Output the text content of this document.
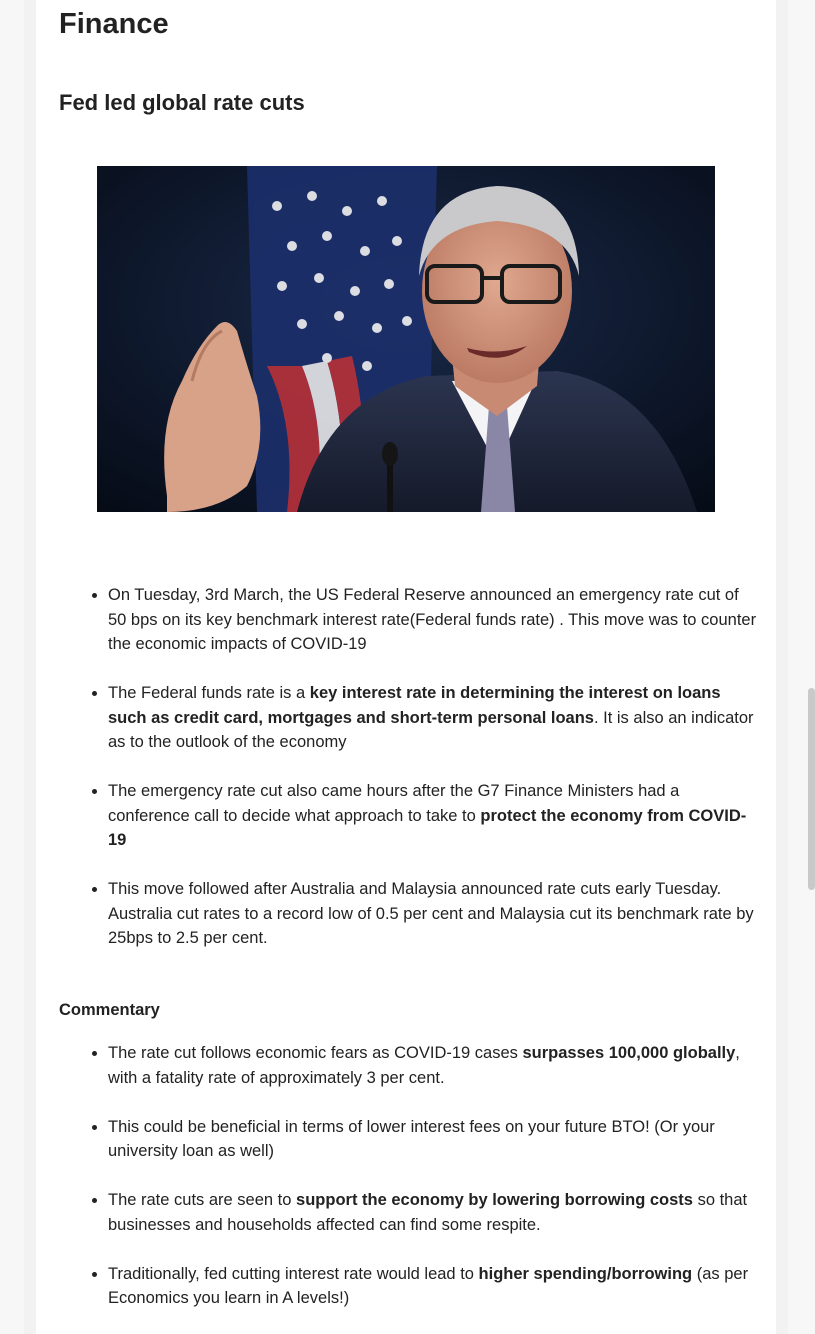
Finance
Fed led global rate cuts
• On Tuesday, 3rd March, the US Federal Reserve announced an emergency rate cut of 50 bps on its key benchmark interest rate(Federal funds rate) . This move was to counter the economic impacts of COVID-19
• The Federal funds rate is a key interest rate in determining the interest on loans such as credit card, mortgages and short-term personal loans. It is also an indicator as to the outlook of the economy
• The emergency rate cut also came hours after the G7 Finance Ministers had a conference call to decide what approach to take to protect the economy from COVID-19
• This move followed after Australia and Malaysia announced rate cuts early Tuesday. Australia cut rates to a record low of 0.5 per cent and Malaysia cut its benchmark rate by 25bps to 2.5 per cent.
Commentary
• The rate cut follows economic fears as COVID-19 cases surpasses 100,000 globally, with a fatality rate of approximately 3 per cent.
• This could be beneficial in terms of lower interest fees on your future BTO! (Or your university loan as well)
• The rate cuts are seen to support the economy by lowering borrowing costs so that businesses and households affected can find some respite.
• Traditionally, fed cutting interest rate would lead to higher spending/borrowing (as per Economics you learn in A levels!)
